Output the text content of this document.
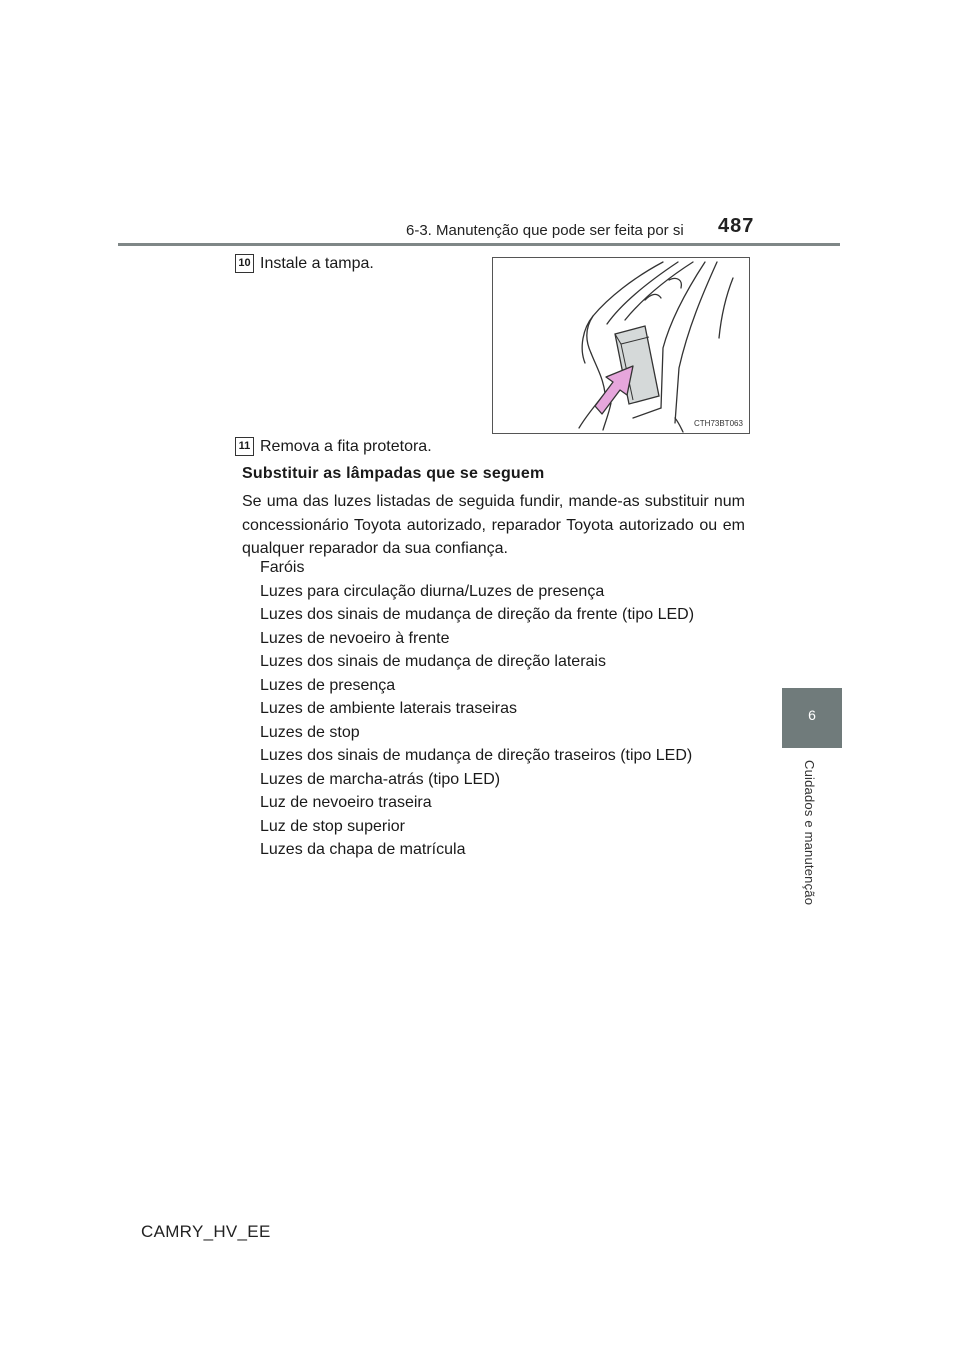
6-3. Manutenção que pode ser feita por si 487
6
Cuidados e manutenção
10 Instale a tampa.
CTH73BT063
11 Remova a fita protetora.
Substituir as lâmpadas que se seguem
Se uma das luzes listadas de seguida fundir, mande-as substituir num concessionário Toyota autorizado, reparador Toyota autorizado ou em qualquer reparador da sua confiança.
Faróis
Luzes para circulação diurna/Luzes de presença
Luzes dos sinais de mudança de direção da frente (tipo LED)
Luzes de nevoeiro à frente
Luzes dos sinais de mudança de direção laterais
Luzes de presença
Luzes de ambiente laterais traseiras
Luzes de stop
Luzes dos sinais de mudança de direção traseiros (tipo LED)
Luzes de marcha-atrás (tipo LED)
Luz de nevoeiro traseira
Luz de stop superior
Luzes da chapa de matrícula
CAMRY_HV_EE
